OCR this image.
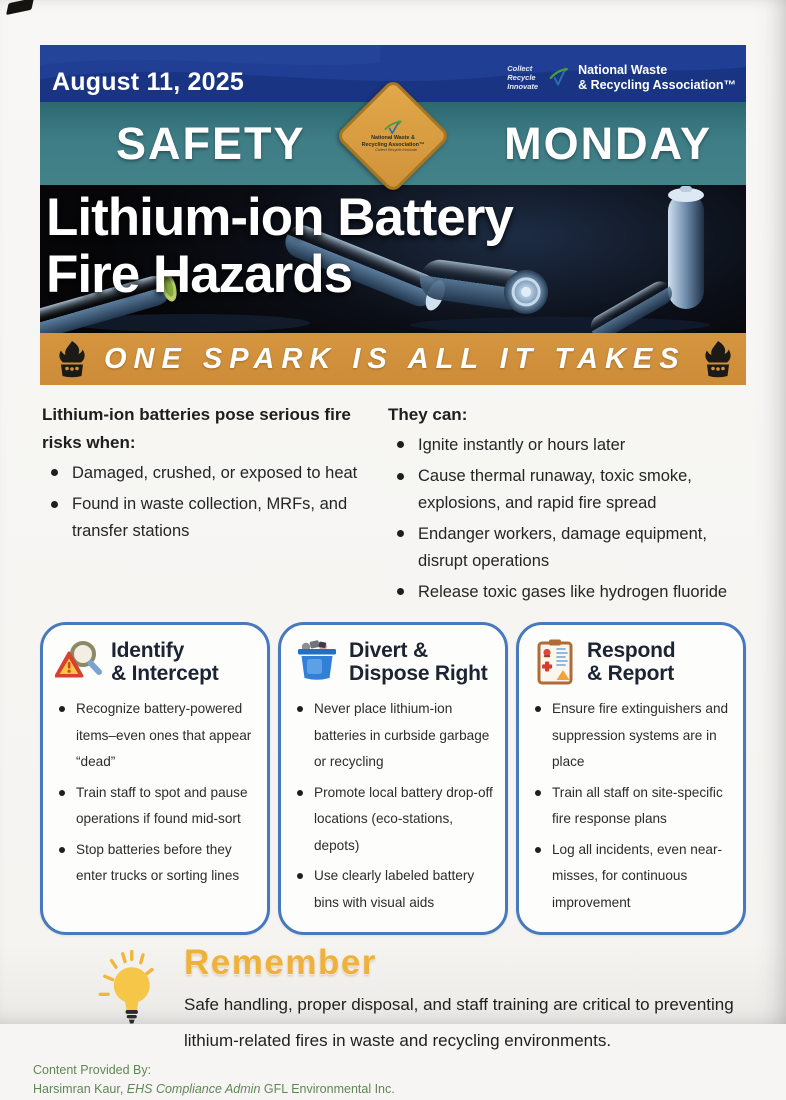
August 11, 2025	Collect
Recycle
Innovate
National Waste
& Recycling Association™
SAFETY	MONDAY
National Waste &
Recycling Association™
Collect Recycle Innovate
Lithium-ion Battery
Fire Hazards
ONE SPARK IS ALL IT TAKES
Lithium-ion batteries pose serious fire risks when:
Damaged, crushed, or exposed to heat
Found in waste collection, MRFs, and transfer stations
They can:
Ignite instantly or hours later
Cause thermal runaway, toxic smoke, explosions, and rapid fire spread
Endanger workers, damage equipment, disrupt operations
Release toxic gases like hydrogen fluoride
Identify
& Intercept
Recognize battery-powered items–even ones that appear “dead”
Train staff to spot and pause operations if found mid-sort
Stop batteries before they enter trucks or sorting lines
Divert &
Dispose Right
Never place lithium-ion batteries in curbside garbage or recycling
Promote local battery drop-off locations (eco-stations, depots)
Use clearly labeled battery bins with visual aids
Respond
& Report
Ensure fire extinguishers and suppression systems are in place
Train all staff on site-specific fire response plans
Log all incidents, even near-misses, for continuous improvement
Remember
Safe handling, proper disposal, and staff training are critical to preventing lithium-related fires in waste and recycling environments.
Content Provided By:
Harsimran Kaur, EHS Compliance Admin GFL Environmental Inc.
